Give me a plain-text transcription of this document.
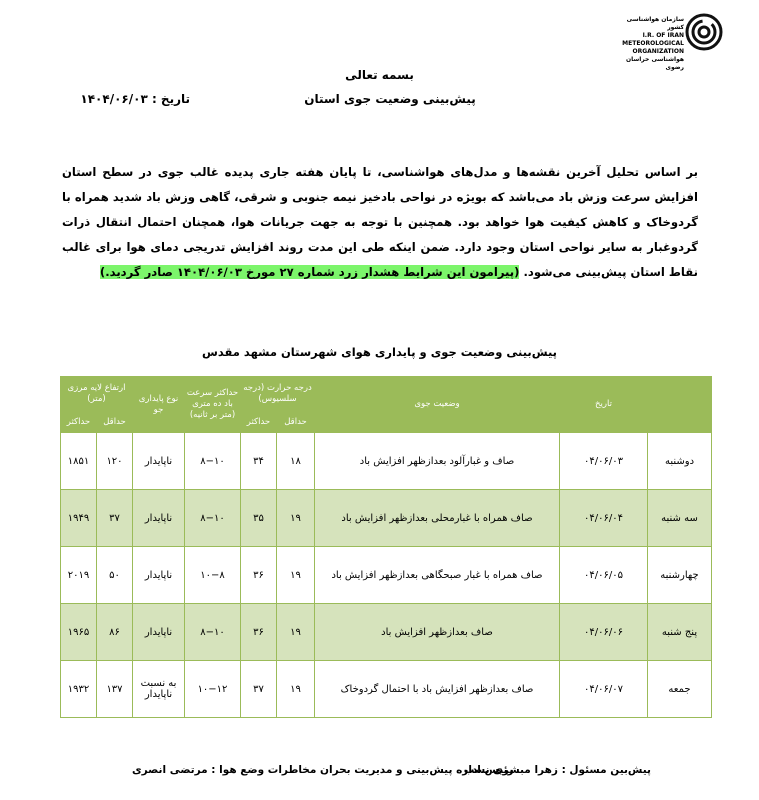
سازمان هواشناسی کشور
I.R. OF IRAN
METEOROLOGICAL
ORGANIZATION
هواشناسی خراسان رضوی
بسمه تعالی
پیش‌بینی وضعیت جوی استان
تاریخ : ۱۴۰۴/۰۶/۰۳
بر اساس تحلیل آخرین نقشه‌ها و مدل‌های هواشناسی، تا پایان هفته جاری پدیده غالب جوی در سطح استان افزایش سرعت وزش باد می‌باشد که بویژه در نواحی بادخیز نیمه جنوبی و شرقی، گاهی وزش باد شدید همراه با گردوخاک و کاهش کیفیت هوا خواهد بود. همچنین با توجه به جهت جریانات هوا، همچنان احتمال انتقال ذرات گردوغبار به سایر نواحی استان وجود دارد. ضمن اینکه طی این مدت روند افزایش تدریجی دمای هوا برای غالب نقاط استان پیش‌بینی می‌شود. (پیرامون این شرایط هشدار زرد شماره ۲۷ مورخ ۱۴۰۴/۰۶/۰۳ صادر گردید.)
پیش‌بینی وضعیت جوی و پایداری هوای شهرستان مشهد مقدس
	تاریخ	وضعیت جوی	درجه حرارت (درجه سلسیوس)		حداکثر سرعت باد ده متری (متر بر ثانیه)	نوع پایداری جو	ارتفاع لایه مرزی (متر)	
			حداقل	حداکثر			حداقل	حداکثر
دوشنبه	۰۴/۰۶/۰۳	صاف و غبارآلود بعدازظهر افزایش باد	۱۸	۳۴	۸−۱۰	ناپایدار	۱۲۰	۱۸۵۱
سه شنبه	۰۴/۰۶/۰۴	صاف همراه با غبارمحلی بعدازظهر افزایش باد	۱۹	۳۵	۸−۱۰	ناپایدار	۳۷	۱۹۴۹
چهارشنبه	۰۴/۰۶/۰۵	صاف همراه با غبار صبحگاهی بعدازظهر افزایش باد	۱۹	۳۶	۱۰−۸	ناپایدار	۵۰	۲۰۱۹
پنج شنبه	۰۴/۰۶/۰۶	صاف بعدازظهر افزایش باد	۱۹	۳۶	۸−۱۰	ناپایدار	۸۶	۱۹۶۵
جمعه	۰۴/۰۶/۰۷	صاف بعدازظهر افزایش باد با احتمال گردوخاک	۱۹	۳۷	۱۰−۱۲	به نسبت ناپایدار	۱۳۷	۱۹۳۲
پیش‌بین مسئول : زهرا مبشری نسب
رئیس اداره پیش‌بینی و مدیریت بحران مخاطرات وضع هوا : مرتضی انصری
